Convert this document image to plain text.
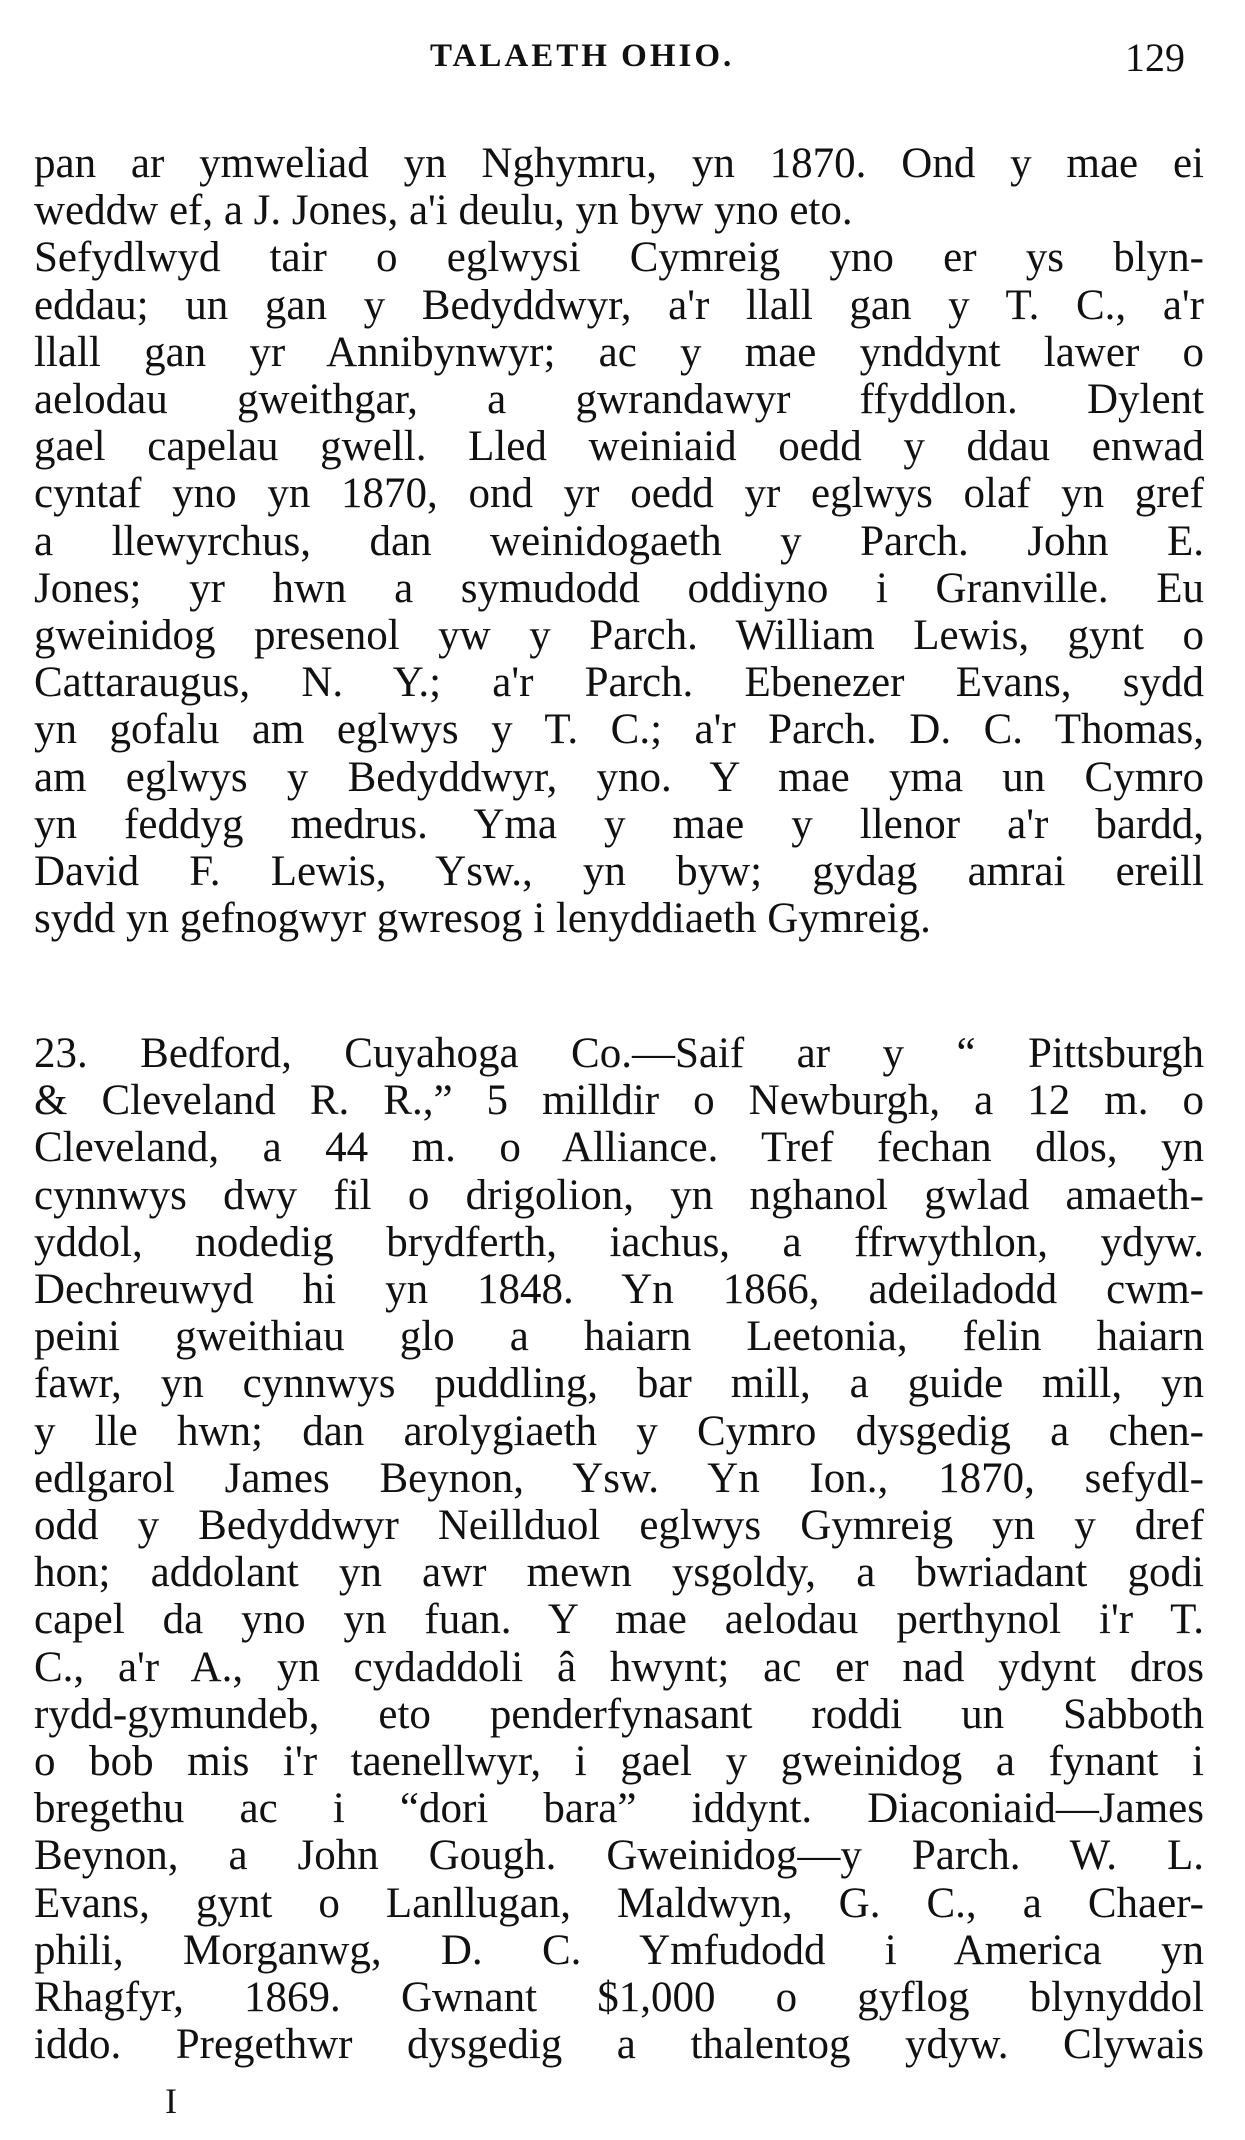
TALAETH OHIO.	129
pan ar ymweliad yn Nghymru, yn 1870. Ond y mae ei
weddw ef, a J. Jones, a'i deulu, yn byw yno eto.
Sefydlwyd tair o eglwysi Cymreig yno er ys blyn-
eddau; un gan y Bedyddwyr, a'r llall gan y T. C., a'r
llall gan yr Annibynwyr; ac y mae ynddynt lawer o
aelodau gweithgar, a gwrandawyr ffyddlon. Dylent
gael capelau gwell. Lled weiniaid oedd y ddau enwad
cyntaf yno yn 1870, ond yr oedd yr eglwys olaf yn gref
a llewyrchus, dan weinidogaeth y Parch. John E.
Jones; yr hwn a symudodd oddiyno i Granville. Eu
gweinidog presenol yw y Parch. William Lewis, gynt o
Cattaraugus, N. Y.; a'r Parch. Ebenezer Evans, sydd
yn gofalu am eglwys y T. C.; a'r Parch. D. C. Thomas,
am eglwys y Bedyddwyr, yno. Y mae yma un Cymro
yn feddyg medrus. Yma y mae y llenor a'r bardd,
David F. Lewis, Ysw., yn byw; gydag amrai ereill
sydd yn gefnogwyr gwresog i lenyddiaeth Gymreig.
23. Bedford, Cuyahoga Co.—Saif ar y “ Pittsburgh
& Cleveland R. R.,” 5 milldir o Newburgh, a 12 m. o
Cleveland, a 44 m. o Alliance. Tref fechan dlos, yn
cynnwys dwy fil o drigolion, yn nghanol gwlad amaeth-
yddol, nodedig brydferth, iachus, a ffrwythlon, ydyw.
Dechreuwyd hi yn 1848. Yn 1866, adeiladodd cwm-
peini gweithiau glo a haiarn Leetonia, felin haiarn
fawr, yn cynnwys puddling, bar mill, a guide mill, yn
y lle hwn; dan arolygiaeth y Cymro dysgedig a chen-
edlgarol James Beynon, Ysw. Yn Ion., 1870, sefydl-
odd y Bedyddwyr Neillduol eglwys Gymreig yn y dref
hon; addolant yn awr mewn ysgoldy, a bwriadant godi
capel da yno yn fuan. Y mae aelodau perthynol i'r T.
C., a'r A., yn cydaddoli â hwynt; ac er nad ydynt dros
rydd-gymundeb, eto penderfynasant roddi un Sabboth
o bob mis i'r taenellwyr, i gael y gweinidog a fynant i
bregethu ac i “dori bara” iddynt. Diaconiaid—James
Beynon, a John Gough. Gweinidog—y Parch. W. L.
Evans, gynt o Lanllugan, Maldwyn, G. C., a Chaer-
phili, Morganwg, D. C. Ymfudodd i America yn
Rhagfyr, 1869. Gwnant $1,000 o gyflog blynyddol
iddo. Pregethwr dysgedig a thalentog ydyw. Clywais
I
